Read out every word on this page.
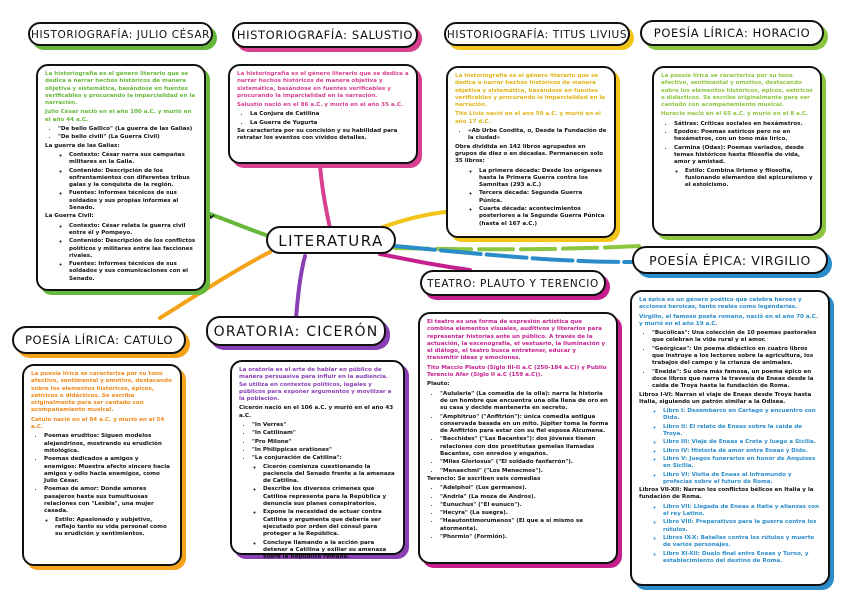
LITERATURA
HISTORIOGRAFÍA: JULIO CÉSAR

La historiografía es el género literario que se dedica a narrar hechos históricos de manera objetiva y sistemática, basándose en fuentes verificables y procurando la imparcialidad en la narración.

Julio César nació en el año 100 a.C. y murió en el año 44 a.C.

• "De bello Gallico" (La guerra de las Galias)
• "De bello civili" (La Guerra Civil)

La guerra de las Galias:

◦ Contexto: César narra sus campañas militares en la Galia.
◦ Contenido: Descripción de los enfrentamientos con diferentes tribus galas y la conquista de la región.
◦ Fuentes: Informes técnicos de sus soldados y sus propias informes al Senado.

La Guerra Civil:

◦ Contexto: César relata la guerra civil entre él y Pompeyo.
◦ Contenido: Descripción de los conflictos políticos y militares entre las facciones rivales.
◦ Fuentes: Informes técnicos de sus soldados y sus comunicaciones con el Senado.
HISTORIOGRAFÍA: SALUSTIO

La historiografía es el género literario que se dedica a narrar hechos históricos de manera objetiva y sistemática, basándose en fuentes verificables y procurando la imparcialidad en la narración.

Salustio nació en el 86 a.C. y murió en el año 35 a.C.

• La Conjura de Catilina
• La Guerra de Yugurta

Se caracteriza por su concisión y su habilidad para retratar los eventos con vívidos detalles.

HISTORIOGRAFÍA: TITUS LIVIUS

La historiografía es el género literario que se dedica a narrar hechos históricos de manera objetiva y sistemática, basándose en fuentes verificables y procurando la imparcialidad en la narración.

Tito Livio nació en el año 59 a.C. y murió en el año 17 d.C.

• «Ab Urbe Condita, o, Desde la Fundación de la ciudad»

Obra dividida en 142 libros agrupados en grupos de diez o en décadas. Permanecen solo 35 libros:

◦ La primera década: Desde los orígenes hasta la Primera Guerra contra los Samnitas (293 a.C.)
◦ Tercera década: Segunda Guerra Púnica.
◦ Cuarta década: acontecimientos posteriores a la Segunda Guerra Púnica (hasta el 167 a.C.)
POESÍA LÍRICA: HORACIO

La poesía lírica se caracteriza por su tono afectivo, sentimental y emotivo, destacando sobre los elementos históricos, épicos, satíricos o didácticos. Se escribe originalmente para ser cantado con acompañamiento musical.

Horacio nació en el 65 a.C. y murió en el 8 a.C.

• Sátiras: Críticas sociales en hexámetros.
• Epodos: Poemas satíricos pero no en hexámetros, con un tono más lírico.
• Carmina (Odas): Poemas variados, desde temas históricos hasta filosofía de vida, amor y amistad.
◦ Estilo: Combina lirismo y filosofía, fusionando elementos del epicureísmo y el estoicismo.
POESÍA LÍRICA: CATULO

La poesía lírica se caracteriza por su tono afectivo, sentimental y emotivo, destacando sobre los elementos históricos, épicos, satíricos o didácticos. Se escribe originalmente para ser cantado con acompañamiento musical.

Catulo nació en el 84 a.C. y murió en el 54 a.C.

• Poemas eruditos: Siguen modelos alejandrinos, mostrando su erudición mitológica.
• Poemas dedicados a amigos y enemigos: Muestra afecto sincero hacia amigos y odio hacia enemigos, como Julio César.
• Poemas de amor: Donde amores pasajeros hasta sus tumultuosas relaciones con "Lesbia", una mujer casada.
◦ Estilo: Apasionado y subjetivo, reflejo tanto su vida personal como su erudición y sentimientos.
ORATORIA: CICERÓN

La oratoria es el arte de hablar en público de manera persuasiva para influir en la audiencia. Se utiliza en contextos políticos, legales y públicos para exponer argumentos y movilizar a la población.

Cicerón nació en el 106 a.C. y murió en el año 43 a.C.

• "In Verres"
• "In Catilinam"
• "Pro Milone"
• "In Philippicas orationes"
• "La conjuración de Catilina":
◦ Cicerón comienza cuestionando la paciencia del Senado frente a la amenaza de Catilina.
◦ Describe los diversos crímenes que Catilina representa para la República y denuncia sus planes conspiratorios.
◦ Expone la necesidad de actuar contra Catilina y argumenta que debería ser ejecutado por orden del cónsul para proteger a la República.
◦ Concluye llamando a la acción para detener a Catilina y exiliar su amenaza sobre la República romana.
TEATRO: PLAUTO Y TERENCIO

El teatro es una forma de expresión artística que combina elementos visuales, auditivos y literarios para representar historias ante un público. A través de la actuación, la escenografía, el vestuario, la iluminación y el diálogo, el teatro busca entretener, educar y transmitir ideas y emociones.

Tito Maccio Plauto (Siglo III-II a.C (250-184 a.C)) y Publio Terencio Afer (Siglo II a.C (159 a.C)).

Plauto:

• "Aulularia" (La comedia de la olla): narra la historia de un hombre que encuentra una olla llena de oro en su casa y decide mantenerla en secreto.
• "Amphitruo" ("Anfitrión"): única comedia antigua conservada basada en un mito. Júpiter toma la forma de Anfitrión para estar con su fiel esposa Alcumena.
• "Bacchides" ("Las Bacantes"): dos jóvenes tienen relaciones con dos prostitutas gemelas llamadas Bacantes, con enredos y engaños.
• "Miles Gloriosus" ("El soldado fanfarrón").
• "Menaechmi" ("Los Menecmos").

Terencio: Se escriben seis comedias

• "Adelphoi" (Los germanos).
• "Andria" (La moza de Andros).
• "Eunuchus" ("El eunuco").
• "Hecyra" (La suegra).
• "Heautontimorumenos" (El que a sí mismo se atormenta).
• "Phormio" (Formión).
POESÍA ÉPICA: VIRGILIO

La épica es un género poético que celebra héroes y acciones heroicas, tanto reales como legendarias.

Virgilio, el famoso poeta romano, nació en el año 70 a.C. y murió en el año 19 a.C.

• "Bucólicas": Una colección de 10 poemas pastorales que celebran la vida rural y el amor.
• "Geórgicas": Un poema didáctico en cuatro libros que instruye a los lectores sobre la agricultura, los trabajos del campo y la crianza de animales.
• "Eneida": Su obra más famosa, un poema épico en doce libros que narra la travesía de Eneas desde la caída de Troya hasta la fundación de Roma.

Libros I-VI: Narran el viaje de Eneas desde Troya hasta Italia, siguiendo un patrón similar a la Odisea.

◦ Libro I: Desembarco en Cartago y encuentro con Dido.
◦ Libro II: El relato de Eneas sobre la caída de Troya.
◦ Libro III: Viaje de Eneas a Creta y luego a Sicilia.
◦ Libro IV: Historia de amor entre Eneas y Dido.
◦ Libro V: Juegos funerarios en honor de Anquises en Sicilia.
◦ Libro VI: Visita de Eneas al inframundo y profecías sobre el futuro de Roma.

Libros VII-XII: Narran los conflictos bélicos en Italia y la fundación de Roma.

◦ Libro VII: Llegada de Eneas a Italia y alianzas con el rey Latino.
◦ Libro VIII: Preparativos para la guerra contra los rútulos.
◦ Libros IX-X: Batallas contra los rútulos y muerte de varios personajes.
◦ Libro XI-XII: Duelo final entre Eneas y Turno, y establecimiento del destino de Roma.
